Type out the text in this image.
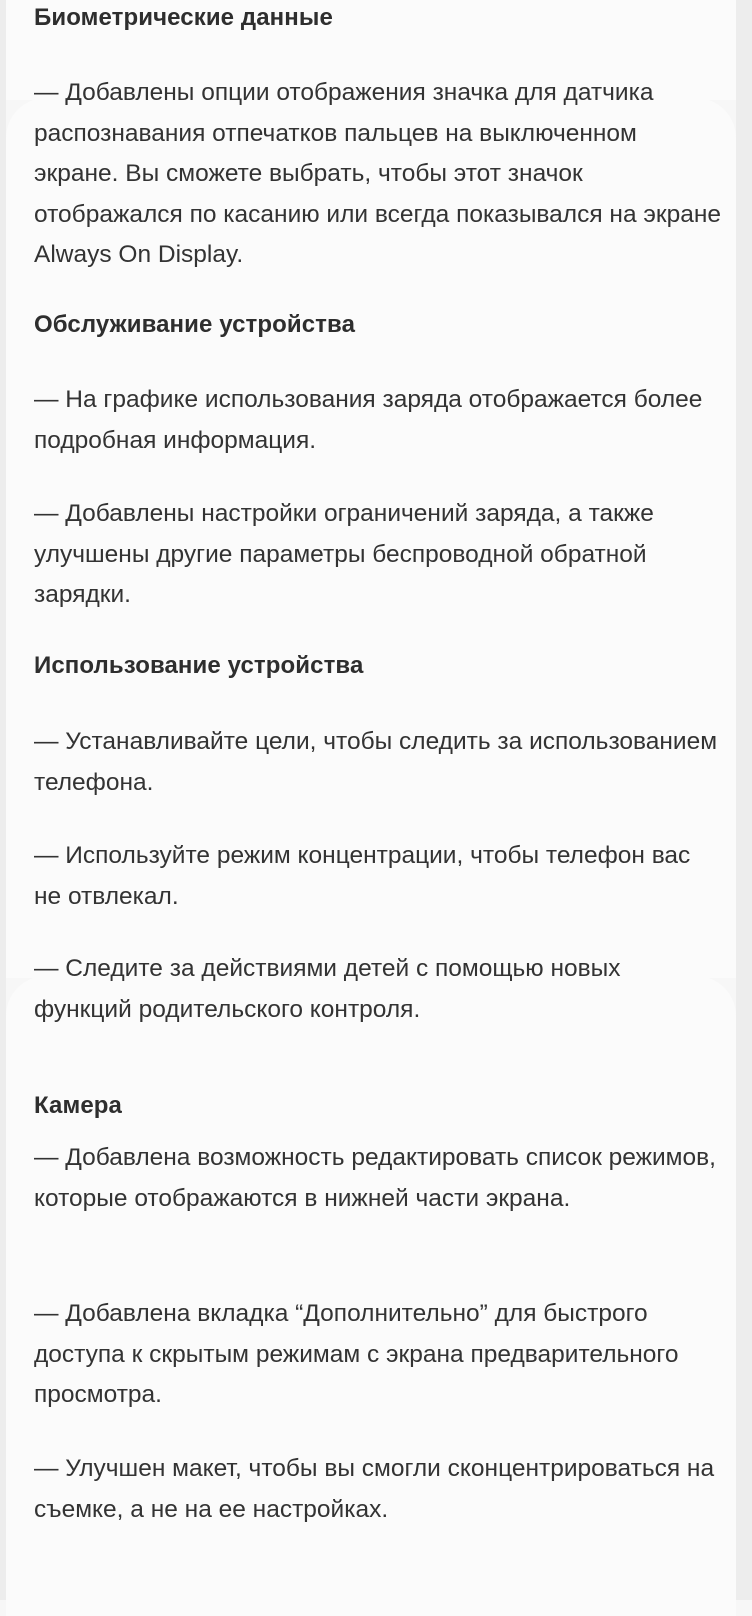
Биометрические данные

— Добавлены опции отображения значка для датчика распознавания отпечатков пальцев на выключенном экране. Вы сможете выбрать, чтобы этот значок отображался по касанию или всегда показывался на экране Always On Display.

Обслуживание устройства

— На графике использования заряда отображается более подробная информация.

— Добавлены настройки ограничений заряда, а также улучшены другие параметры беспроводной обратной зарядки.

Использование устройства

— Устанавливайте цели, чтобы следить за использованием телефона.

— Используйте режим концентрации, чтобы телефон вас не отвлекал.

— Следите за действиями детей с помощью новых функций родительского контроля.

Камера

— Добавлена возможность редактировать список режимов, которые отображаются в нижней части экрана.

— Добавлена вкладка “Дополнительно” для быстрого доступа к скрытым режимам с экрана предварительного просмотра.

— Улучшен макет, чтобы вы смогли сконцентрироваться на съемке, а не на ее настройках.
